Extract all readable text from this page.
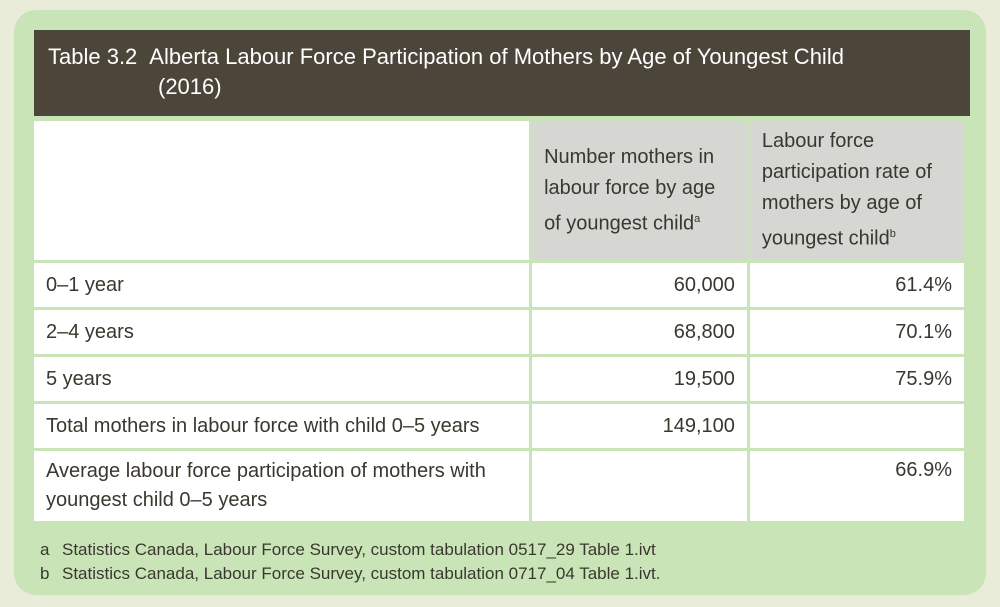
Table 3.2 Alberta Labour Force Participation of Mothers by Age of Youngest Child
(2016)
	Number mothers in labour force by age of youngest child$^a$	Labour force participation rate of mothers by age of youngest child$^b$
0–1 year	60,000	61.4%
2–4 years	68,800	70.1%
5 years	19,500	75.9%
Total mothers in labour force with child 0–5 years	149,100	
Average labour force participation of mothers with youngest child 0–5 years		66.9%
a Statistics Canada, Labour Force Survey, custom tabulation 0517_29 Table 1.ivt
b Statistics Canada, Labour Force Survey, custom tabulation 0717_04 Table 1.ivt.
